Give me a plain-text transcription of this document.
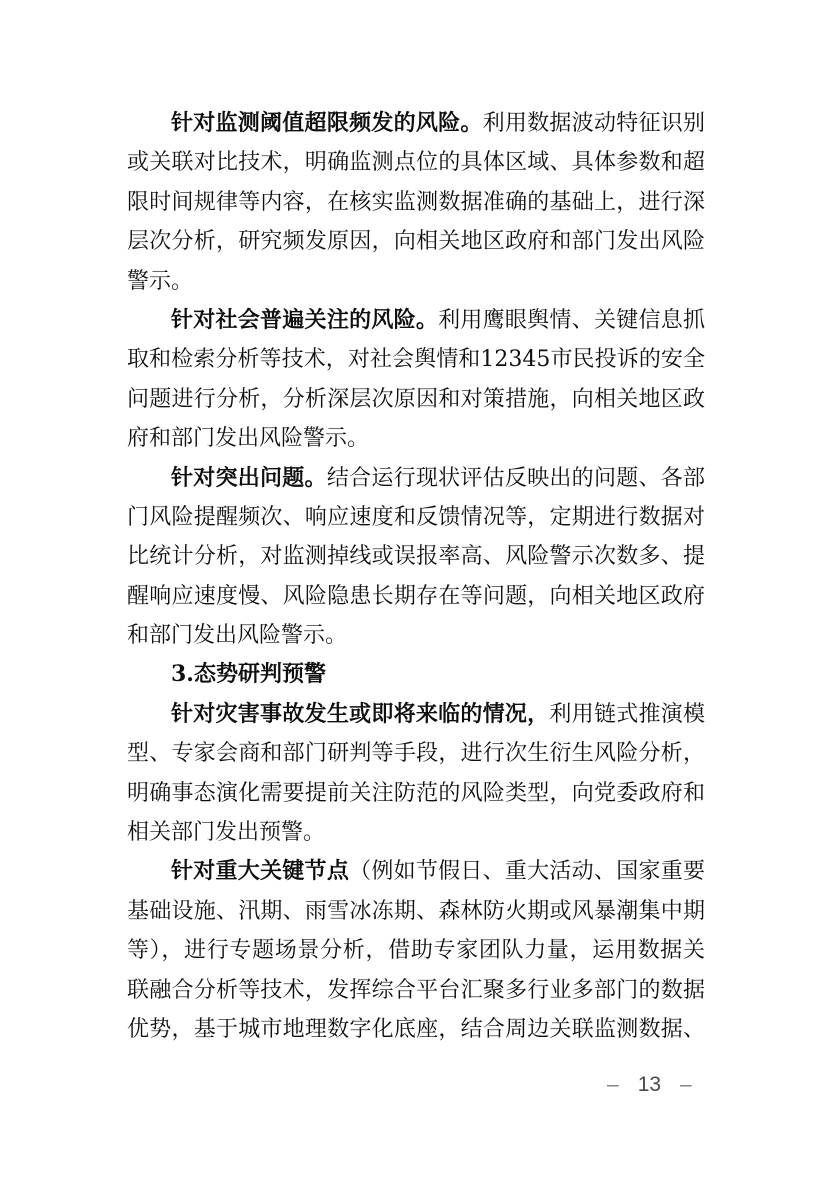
针对监测阈值超限频发的风险。利用数据波动特征识别
或关联对比技术，明确监测点位的具体区域、具体参数和超
限时间规律等内容，在核实监测数据准确的基础上，进行深
层次分析，研究频发原因，向相关地区政府和部门发出风险
警示。
针对社会普遍关注的风险。利用鹰眼舆情、关键信息抓
取和检索分析等技术，对社会舆情和12345市民投诉的安全
问题进行分析，分析深层次原因和对策措施，向相关地区政
府和部门发出风险警示。
针对突出问题。结合运行现状评估反映出的问题、各部
门风险提醒频次、响应速度和反馈情况等，定期进行数据对
比统计分析，对监测掉线或误报率高、风险警示次数多、提
醒响应速度慢、风险隐患长期存在等问题，向相关地区政府
和部门发出风险警示。
3.态势研判预警
针对灾害事故发生或即将来临的情况，利用链式推演模
型、专家会商和部门研判等手段，进行次生衍生风险分析，
明确事态演化需要提前关注防范的风险类型，向党委政府和
相关部门发出预警。
针对重大关键节点（例如节假日、重大活动、国家重要
基础设施、汛期、雨雪冰冻期、森林防火期或风暴潮集中期
等），进行专题场景分析，借助专家团队力量，运用数据关
联融合分析等技术，发挥综合平台汇聚多行业多部门的数据
优势，基于城市地理数字化底座，结合周边关联监测数据、
– 13 –
